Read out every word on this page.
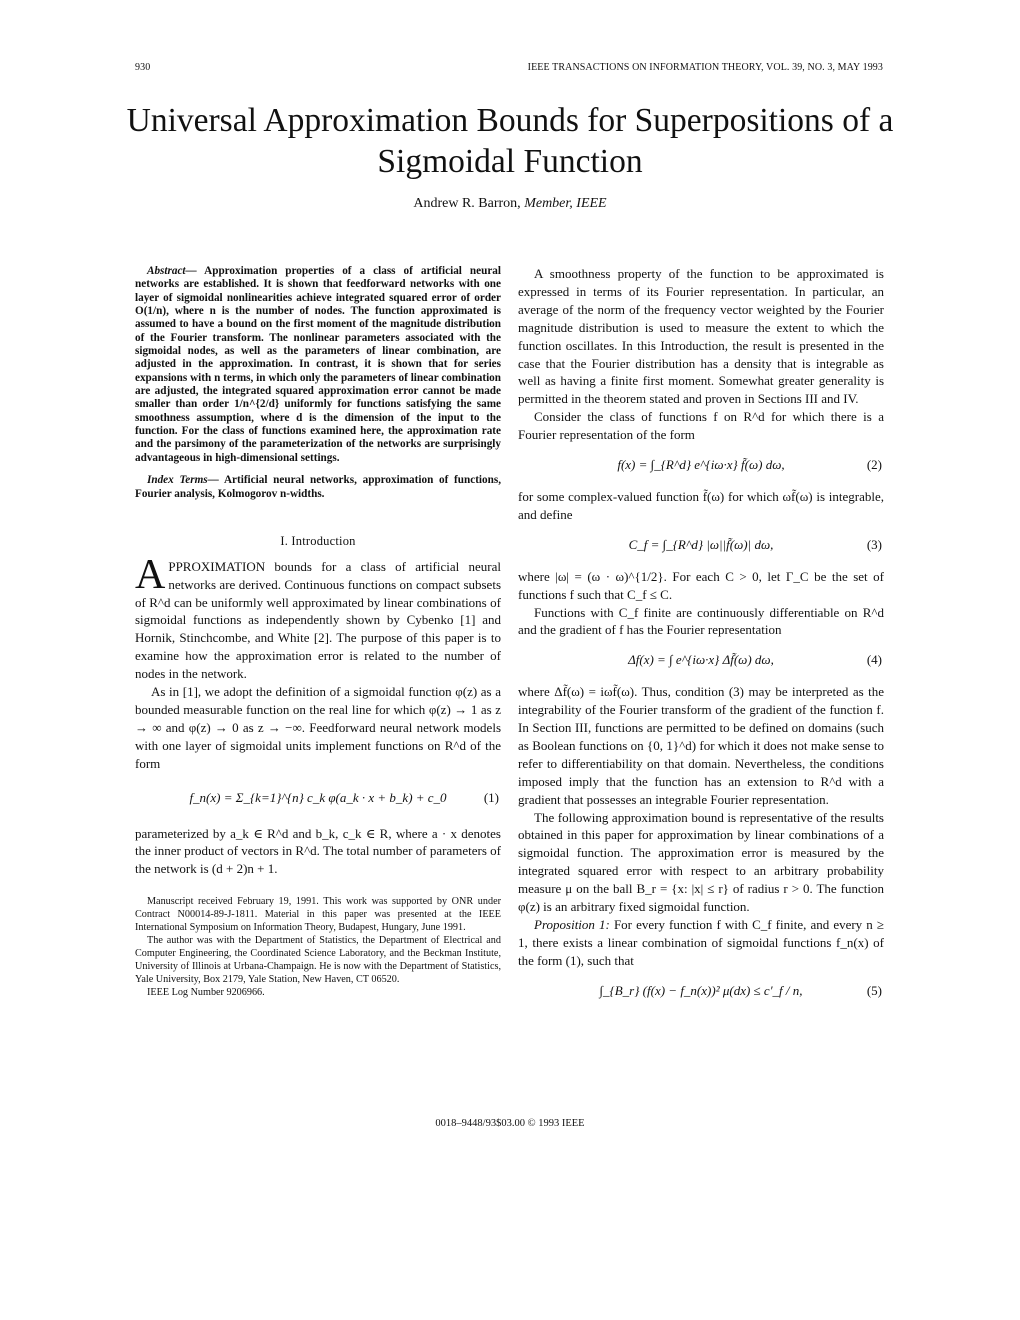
930	IEEE TRANSACTIONS ON INFORMATION THEORY, VOL. 39, NO. 3, MAY 1993
Universal Approximation Bounds for Superpositions of a Sigmoidal Function
Andrew R. Barron, Member, IEEE
Abstract— Approximation properties of a class of artificial neural networks are established. It is shown that feedforward networks with one layer of sigmoidal nonlinearities achieve integrated squared error of order O(1/n), where n is the number of nodes. The function approximated is assumed to have a bound on the first moment of the magnitude distribution of the Fourier transform. The nonlinear parameters associated with the sigmoidal nodes, as well as the parameters of linear combination, are adjusted in the approximation. In contrast, it is shown that for series expansions with n terms, in which only the parameters of linear combination are adjusted, the integrated squared approximation error cannot be made smaller than order 1/n^{2/d} uniformly for functions satisfying the same smoothness assumption, where d is the dimension of the input to the function. For the class of functions examined here, the approximation rate and the parsimony of the parameterization of the networks are surprisingly advantageous in high-dimensional settings.
Index Terms— Artificial neural networks, approximation of functions, Fourier analysis, Kolmogorov n-widths.
I. Introduction

APPROXIMATION bounds for a class of artificial neural networks are derived. Continuous functions on compact subsets of R^d can be uniformly well approximated by linear combinations of sigmoidal functions as independently shown by Cybenko [1] and Hornik, Stinchcombe, and White [2]. The purpose of this paper is to examine how the approximation error is related to the number of nodes in the network.

As in [1], we adopt the definition of a sigmoidal function φ(z) as a bounded measurable function on the real line for which φ(z) → 1 as z → ∞ and φ(z) → 0 as z → −∞. Feedforward neural network models with one layer of sigmoidal units implement functions on R^d of the form

f_n(x) = Σ_{k=1}^{n} c_k φ(a_k · x + b_k) + c_0	(1)

parameterized by a_k ∈ R^d and b_k, c_k ∈ R, where a · x denotes the inner product of vectors in R^d. The total number of parameters of the network is (d + 2)n + 1.

Manuscript received February 19, 1991. This work was supported by ONR under Contract N00014-89-J-1811. Material in this paper was presented at the IEEE International Symposium on Information Theory, Budapest, Hungary, June 1991.

The author was with the Department of Statistics, the Department of Electrical and Computer Engineering, the Coordinated Science Laboratory, and the Beckman Institute, University of Illinois at Urbana-Champaign. He is now with the Department of Statistics, Yale University, Box 2179, Yale Station, New Haven, CT 06520.

IEEE Log Number 9206966.

A smoothness property of the function to be approximated is expressed in terms of its Fourier representation. In particular, an average of the norm of the frequency vector weighted by the Fourier magnitude distribution is used to measure the extent to which the function oscillates. In this Introduction, the result is presented in the case that the Fourier distribution has a density that is integrable as well as having a finite first moment. Somewhat greater generality is permitted in the theorem stated and proven in Sections III and IV.

Consider the class of functions f on R^d for which there is a Fourier representation of the form

f(x) = ∫_{R^d} e^{iω·x} f̃(ω) dω,	(2)

for some complex-valued function f̃(ω) for which ωf̃(ω) is integrable, and define

C_f = ∫_{R^d} |ω||f̃(ω)| dω,	(3)

where |ω| = (ω · ω)^{1/2}. For each C > 0, let Γ_C be the set of functions f such that C_f ≤ C.

Functions with C_f finite are continuously differentiable on R^d and the gradient of f has the Fourier representation

Δf(x) = ∫ e^{iω·x} Δf̃(ω) dω,	(4)

where Δf̃(ω) = iωf̃(ω). Thus, condition (3) may be interpreted as the integrability of the Fourier transform of the gradient of the function f. In Section III, functions are permitted to be defined on domains (such as Boolean functions on {0, 1}^d) for which it does not make sense to refer to differentiability on that domain. Nevertheless, the conditions imposed imply that the function has an extension to R^d with a gradient that possesses an integrable Fourier representation.

The following approximation bound is representative of the results obtained in this paper for approximation by linear combinations of a sigmoidal function. The approximation error is measured by the integrated squared error with respect to an arbitrary probability measure μ on the ball B_r = {x: |x| ≤ r} of radius r > 0. The function φ(z) is an arbitrary fixed sigmoidal function.

Proposition 1: For every function f with C_f finite, and every n ≥ 1, there exists a linear combination of sigmoidal functions f_n(x) of the form (1), such that

∫_{B_r} (f(x) − f_n(x))² μ(dx) ≤ c′_f / n,	(5)
0018–9448/93$03.00 © 1993 IEEE
